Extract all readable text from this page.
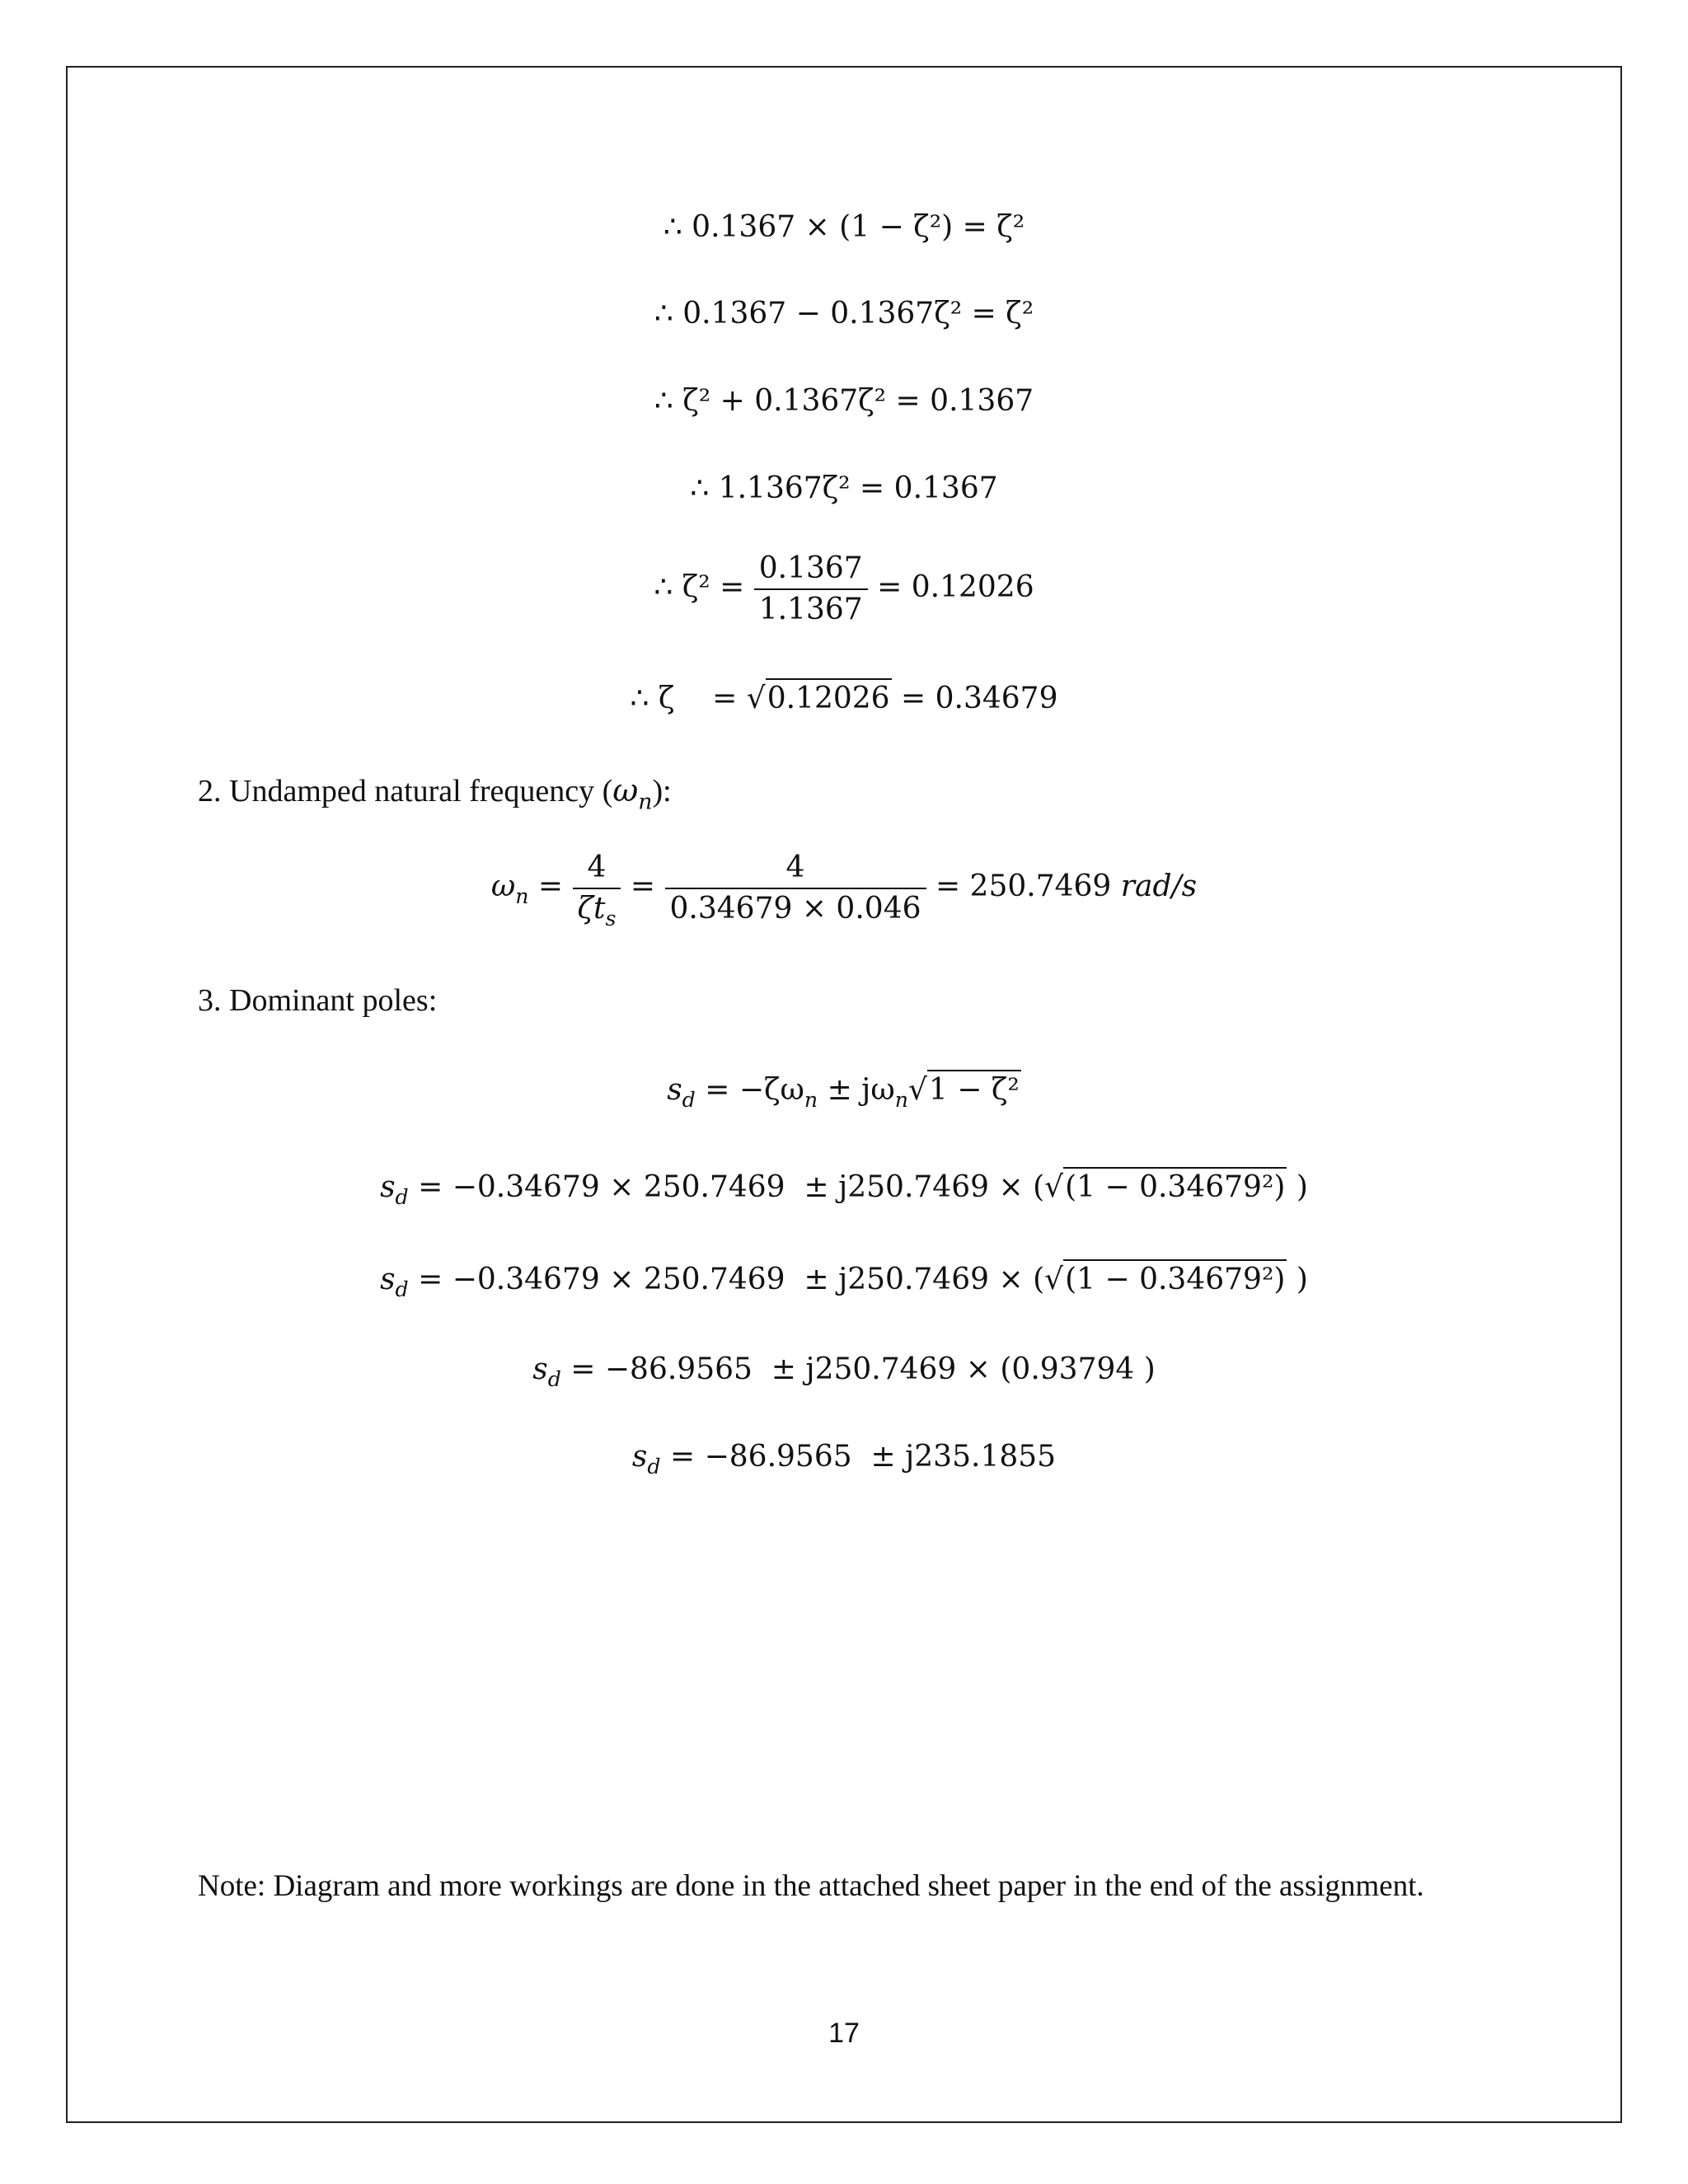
∴ 0.1367 × (1 − ζ²) = ζ²
∴ 0.1367 − 0.1367ζ² = ζ²
∴ ζ² + 0.1367ζ² = 0.1367
∴ 1.1367ζ² = 0.1367
∴ $\zeta^2 = \frac{0.1367}{1.1367} = 0.12026$
∴ ζ    = √0.12026 = 0.34679
2. Undamped natural frequency $(\omega_n)$:
$\omega_n = \frac{4}{\zeta t_s} = \frac{4}{0.34679 \times 0.046} = 250.7469$ rad/s
3. Dominant poles:
$s_d = -\zeta\omega_n \pm j\omega_n√1 - \zeta^2$
$s_d = -0.34679 \times 250.7469 \pm j250.7469 \times (√(1 - 0.34679^2)$ )
$s_d = -0.34679 \times 250.7469 \pm j250.7469 \times (√(1 - 0.34679^2)$ )
$s_d = -86.9565 \pm j250.7469 \times (0.93794$ )
$s_d = -86.9565 \pm j235.1855$
Note: Diagram and more workings are done in the attached sheet paper in the end of the assignment.
17
